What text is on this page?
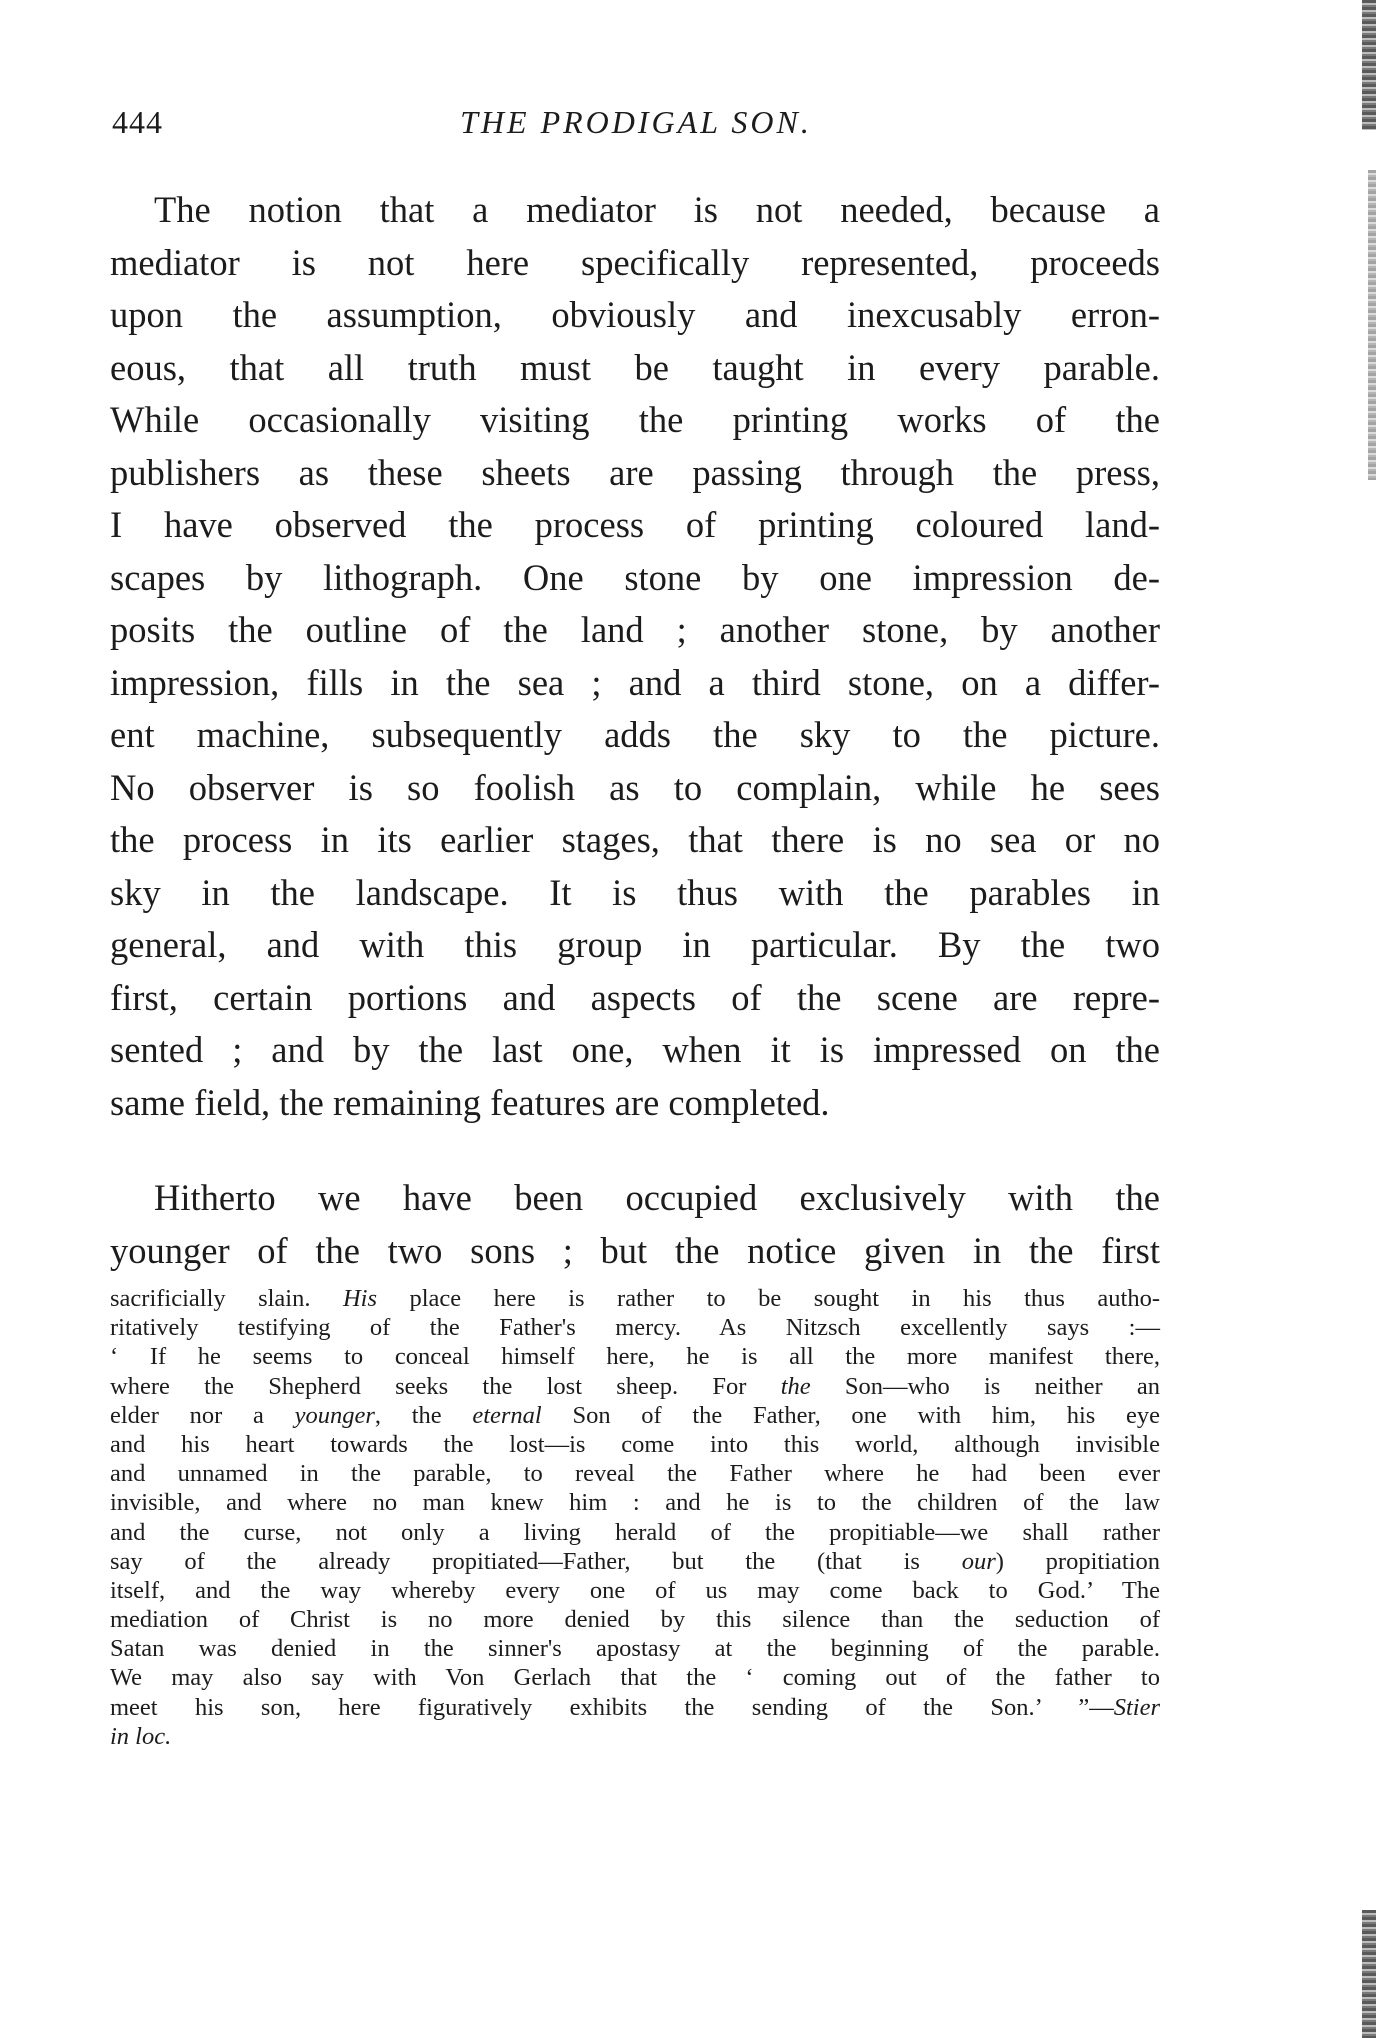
444	THE PRODIGAL SON.
The notion that a mediator is not needed, because a
mediator is not here specifically represented, proceeds
upon the assumption, obviously and inexcusably erron-
eous, that all truth must be taught in every parable.
While occasionally visiting the printing works of the
publishers as these sheets are passing through the press,
I have observed the process of printing coloured land-
scapes by lithograph. One stone by one impression de-
posits the outline of the land ; another stone, by another
impression, fills in the sea ; and a third stone, on a differ-
ent machine, subsequently adds the sky to the picture.
No observer is so foolish as to complain, while he sees
the process in its earlier stages, that there is no sea or no
sky in the landscape. It is thus with the parables in
general, and with this group in particular. By the two
first, certain portions and aspects of the scene are repre-
sented ; and by the last one, when it is impressed on the
same field, the remaining features are completed.
Hitherto we have been occupied exclusively with the
younger of the two sons ; but the notice given in the first
sacrificially slain. His place here is rather to be sought in his thus autho-
ritatively testifying of the Father's mercy. As Nitzsch excellently says :—
‘ If he seems to conceal himself here, he is all the more manifest there,
where the Shepherd seeks the lost sheep. For the Son—who is neither an
elder nor a younger, the eternal Son of the Father, one with him, his eye
and his heart towards the lost—is come into this world, although invisible
and unnamed in the parable, to reveal the Father where he had been ever
invisible, and where no man knew him : and he is to the children of the law
and the curse, not only a living herald of the propitiable—we shall rather
say of the already propitiated—Father, but the (that is our) propitiation
itself, and the way whereby every one of us may come back to God.’ The
mediation of Christ is no more denied by this silence than the seduction of
Satan was denied in the sinner's apostasy at the beginning of the parable.
We may also say with Von Gerlach that the ‘ coming out of the father to
meet his son, here figuratively exhibits the sending of the Son.’ ”—Stier
in loc.
